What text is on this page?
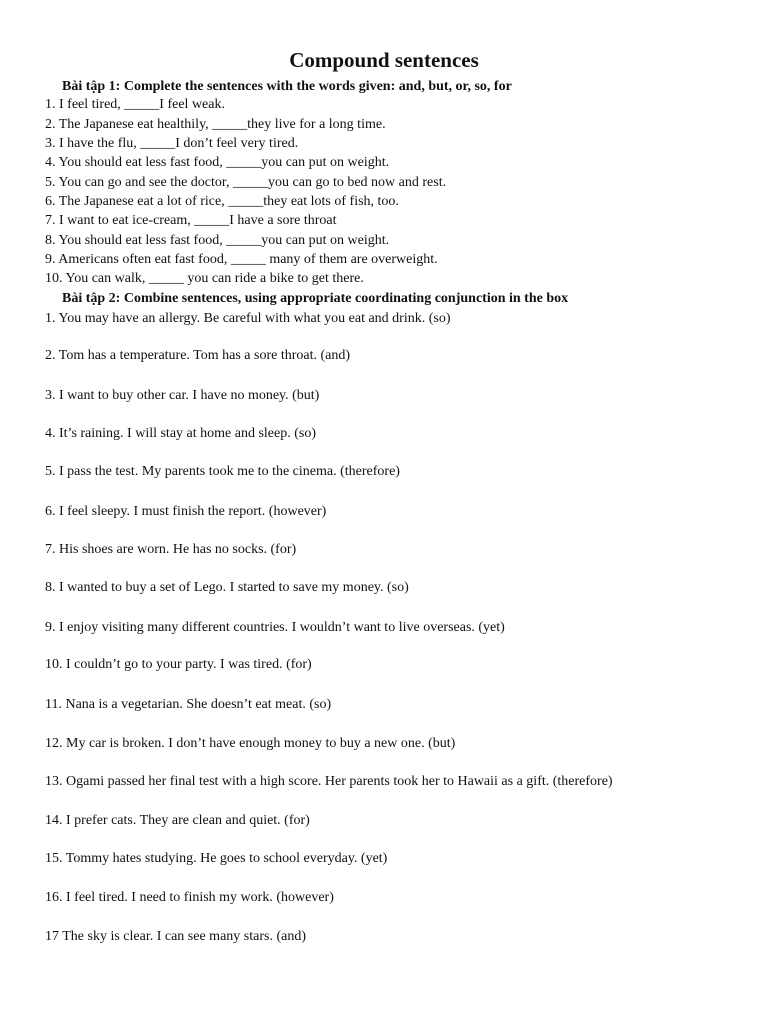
Compound sentences
Bài tập 1: Complete the sentences with the words given: and, but, or, so, for
1. I feel tired, _____I feel weak.
2. The Japanese eat healthily, _____they live for a long time.
3. I have the flu, _____I don’t feel very tired.
4. You should eat less fast food, _____you can put on weight.
5. You can go and see the doctor, _____you can go to bed now and rest.
6. The Japanese eat a lot of rice, _____they eat lots of fish, too.
7. I want to eat ice-cream, _____I have a sore throat
8. You should eat less fast food, _____you can put on weight.
9. Americans often eat fast food, _____ many of them are overweight.
10. You can walk, _____ you can ride a bike to get there.
Bài tập 2: Combine sentences, using appropriate coordinating conjunction in the box
1. You may have an allergy. Be careful with what you eat and drink. (so)
2. Tom has a temperature. Tom has a sore throat. (and)
3. I want to buy other car. I have no money. (but)
4. It’s raining. I will stay at home and sleep. (so)
5. I pass the test. My parents took me to the cinema. (therefore)
6. I feel sleepy. I must finish the report. (however)
7. His shoes are worn. He has no socks. (for)
8. I wanted to buy a set of Lego. I started to save my money. (so)
9. I enjoy visiting many different countries. I wouldn’t want to live overseas. (yet)
10. I couldn’t go to your party. I was tired. (for)
11. Nana is a vegetarian. She doesn’t eat meat. (so)
12. My car is broken. I don’t have enough money to buy a new one. (but)
13. Ogami passed her final test with a high score. Her parents took her to Hawaii as a gift. (therefore)
14. I prefer cats. They are clean and quiet. (for)
15. Tommy hates studying. He goes to school everyday. (yet)
16. I feel tired. I need to finish my work. (however)
17 The sky is clear. I can see many stars. (and)
